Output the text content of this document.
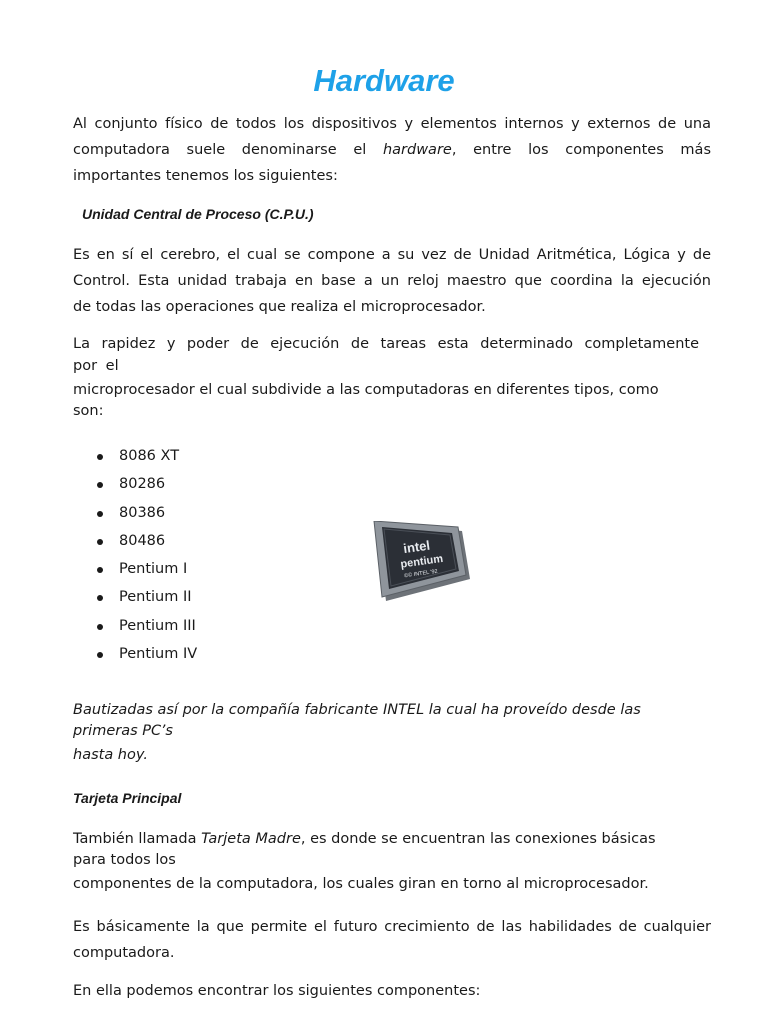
Hardware
Al conjunto físico de todos los dispositivos y elementos internos y externos de una
computadora suele denominarse el hardware, entre los componentes más
importantes tenemos los siguientes:
Unidad Central de Proceso (C.P.U.)
Es en sí el cerebro, el cual se compone a su vez de Unidad Aritmética, Lógica y de
Control. Esta unidad trabaja en base a un reloj maestro que coordina la ejecución
de todas las operaciones que realiza el microprocesador.
La rapidez y poder de ejecución de tareas esta determinado completamente
por el
microprocesador el cual subdivide a las computadoras en diferentes tipos, como
son:
8086 XT
80286
80386
80486
Pentium I
Pentium II
Pentium III
Pentium IV
intel
pentium
©© INTEL '92
Bautizadas así por la compañía fabricante INTEL la cual ha proveído desde las
primeras PC’s
hasta hoy.
Tarjeta Principal
También llamada Tarjeta Madre, es donde se encuentran las conexiones básicas
para todos los
componentes de la computadora, los cuales giran en torno al microprocesador.
Es básicamente la que permite el futuro crecimiento de las habilidades de cualquier
computadora.
En ella podemos encontrar los siguientes componentes:
